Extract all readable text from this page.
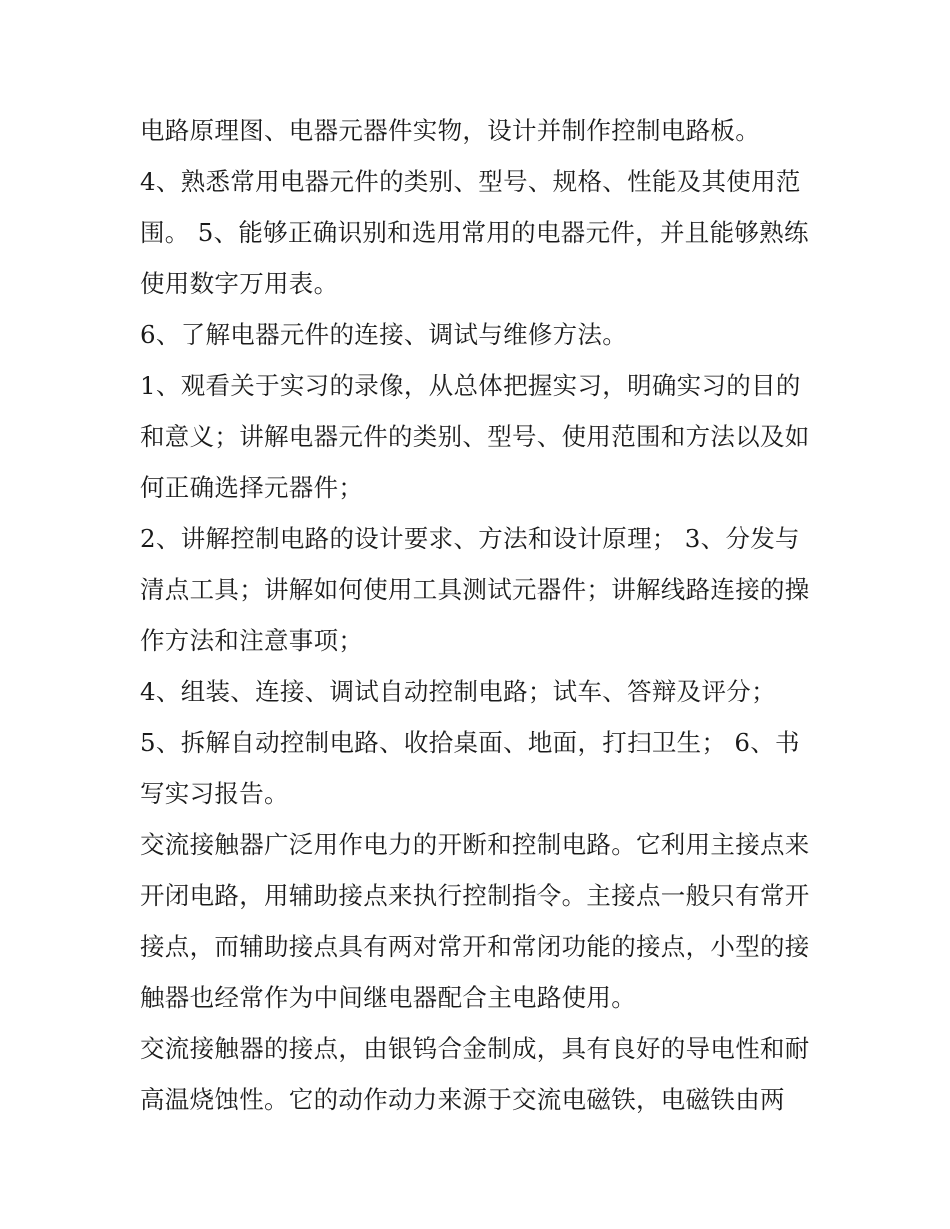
电路原理图、电器元器件实物，设计并制作控制电路板。
4、熟悉常用电器元件的类别、型号、规格、性能及其使用范
围。 5、能够正确识别和选用常用的电器元件，并且能够熟练
使用数字万用表。
6、了解电器元件的连接、调试与维修方法。
1、观看关于实习的录像，从总体把握实习，明确实习的目的
和意义；讲解电器元件的类别、型号、使用范围和方法以及如
何正确选择元器件；
2、讲解控制电路的设计要求、方法和设计原理； 3、分发与
清点工具；讲解如何使用工具测试元器件；讲解线路连接的操
作方法和注意事项；
4、组装、连接、调试自动控制电路；试车、答辩及评分；
5、拆解自动控制电路、收拾桌面、地面，打扫卫生； 6、书
写实习报告。
交流接触器广泛用作电力的开断和控制电路。它利用主接点来
开闭电路，用辅助接点来执行控制指令。主接点一般只有常开
接点，而辅助接点具有两对常开和常闭功能的接点，小型的接
触器也经常作为中间继电器配合主电路使用。
交流接触器的接点，由银钨合金制成，具有良好的导电性和耐
高温烧蚀性。它的动作动力来源于交流电磁铁，电磁铁由两
